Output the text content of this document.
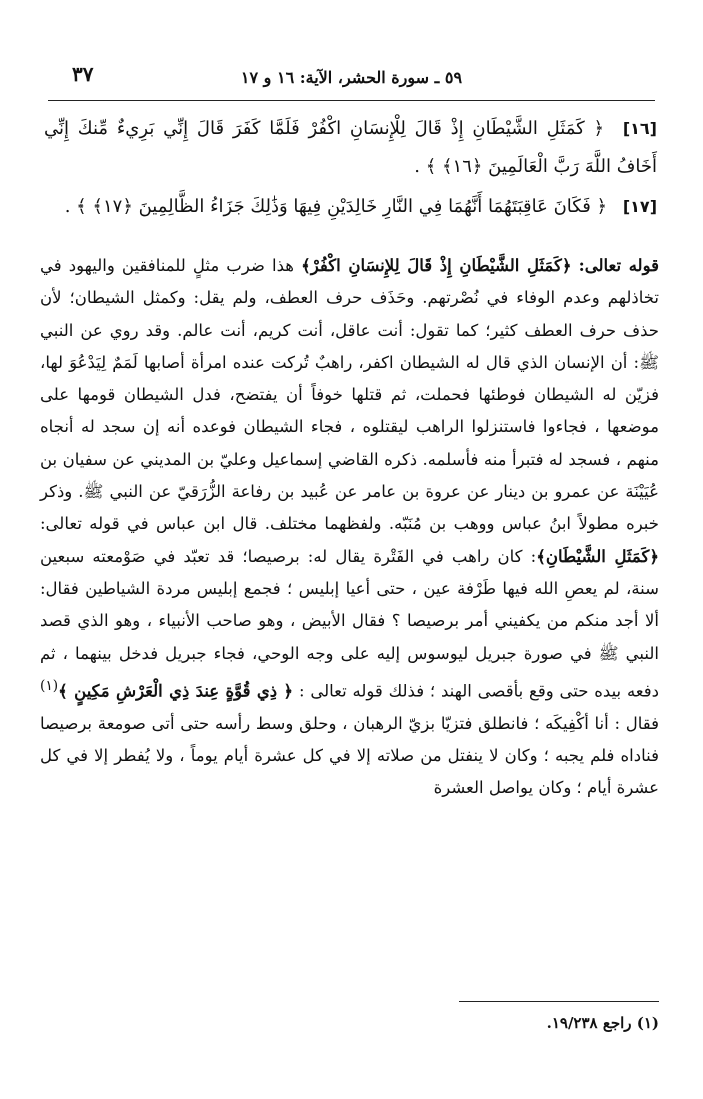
٥٩ ـ سورة الحشر، الآية: ١٦ و ١٧
٣٧
[١٦] ﴿ كَمَثَلِ الشَّيْطَانِ إِذْ قَالَ لِلْإِنسَانِ اكْفُرْ فَلَمَّا كَفَرَ قَالَ إِنِّي بَرِيءٌ مِّنكَ إِنِّي أَخَافُ اللَّهَ رَبَّ الْعَالَمِينَ ﴿١٦﴾ ﴾ .
[١٧] ﴿ فَكَانَ عَاقِبَتَهُمَا أَنَّهُمَا فِي النَّارِ خَالِدَيْنِ فِيهَا وَذَٰلِكَ جَزَاءُ الظَّالِمِينَ ﴿١٧﴾ ﴾ .

قوله تعالى: ﴿كَمَثَلِ الشَّيْطَانِ إِذْ قَالَ لِلإِنسَانِ اكْفُرْ﴾ هذا ضرب مثلٍ للمنافقين واليهود في تخاذلهم وعدم الوفاء في نُصْرتهم. وحَذَف حرف العطف، ولم يقل: وكمثل الشيطان؛ لأن حذف حرف العطف كثير؛ كما تقول: أنت عاقل، أنت كريم، أنت عالم. وقد روي عن النبي ﷺ: أن الإنسان الذي قال له الشيطان اكفر، راهبٌ تُركت عنده امرأة أصابها لَمَمٌ لِيَدْعُوَ لها، فزيّن له الشيطان فوطئها فحملت، ثم قتلها خوفاً أن يفتضح، فدل الشيطان قومها على موضعها ، فجاءوا فاستنزلوا الراهب ليقتلوه ، فجاء الشيطان فوعده أنه إن سجد له أنجاه منهم ، فسجد له فتبرأ منه فأسلمه. ذكره القاضي إسماعيل وعليّ بن المديني عن سفيان بن عُيَيْنَة عن عمرو بن دينار عن عروة بن عامر عن عُبيد بن رفاعة الزُّرَقيّ عن النبي ﷺ. وذكر خبره مطولاً ابنُ عباس ووهب بن مُنَبّه. ولفظهما مختلف. قال ابن عباس في قوله تعالى: ﴿كَمَثَلِ الشَّيْطَانِ﴾: كان راهب في الفَتْرة يقال له: برصيصا؛ قد تعبّد في صَوْمعته سبعين سنة، لم يعصِ الله فيها طَرْفة عين ، حتى أعيا إبليس ؛ فجمع إبليس مردة الشياطين فقال: ألا أجد منكم من يكفيني أمر برصيصا ؟ فقال الأبيض ، وهو صاحب الأنبياء ، وهو الذي قصد النبي ﷺ في صورة جبريل ليوسوس إليه على وجه الوحي، فجاء جبريل فدخل بينهما ، ثم دفعه بيده حتى وقع بأقصى الهند ؛ فذلك قوله تعالى : ﴿ ذِي قُوَّةٍ عِندَ ذِي الْعَرْشِ مَكِينٍ ﴾$^{(١)}$ فقال : أنا أكْفِيكَه ؛ فانطلق فتزيّا بزيّ الرهبان ، وحلق وسط رأسه حتى أتى صومعة برصيصا فناداه فلم يجبه ؛ وكان لا ينفتل من صلاته إلا في كل عشرة أيام يوماً ، ولا يُفطر إلا في كل عشرة أيام ؛ وكان يواصل العشرة

(١) راجع ١٩/٢٣٨.
